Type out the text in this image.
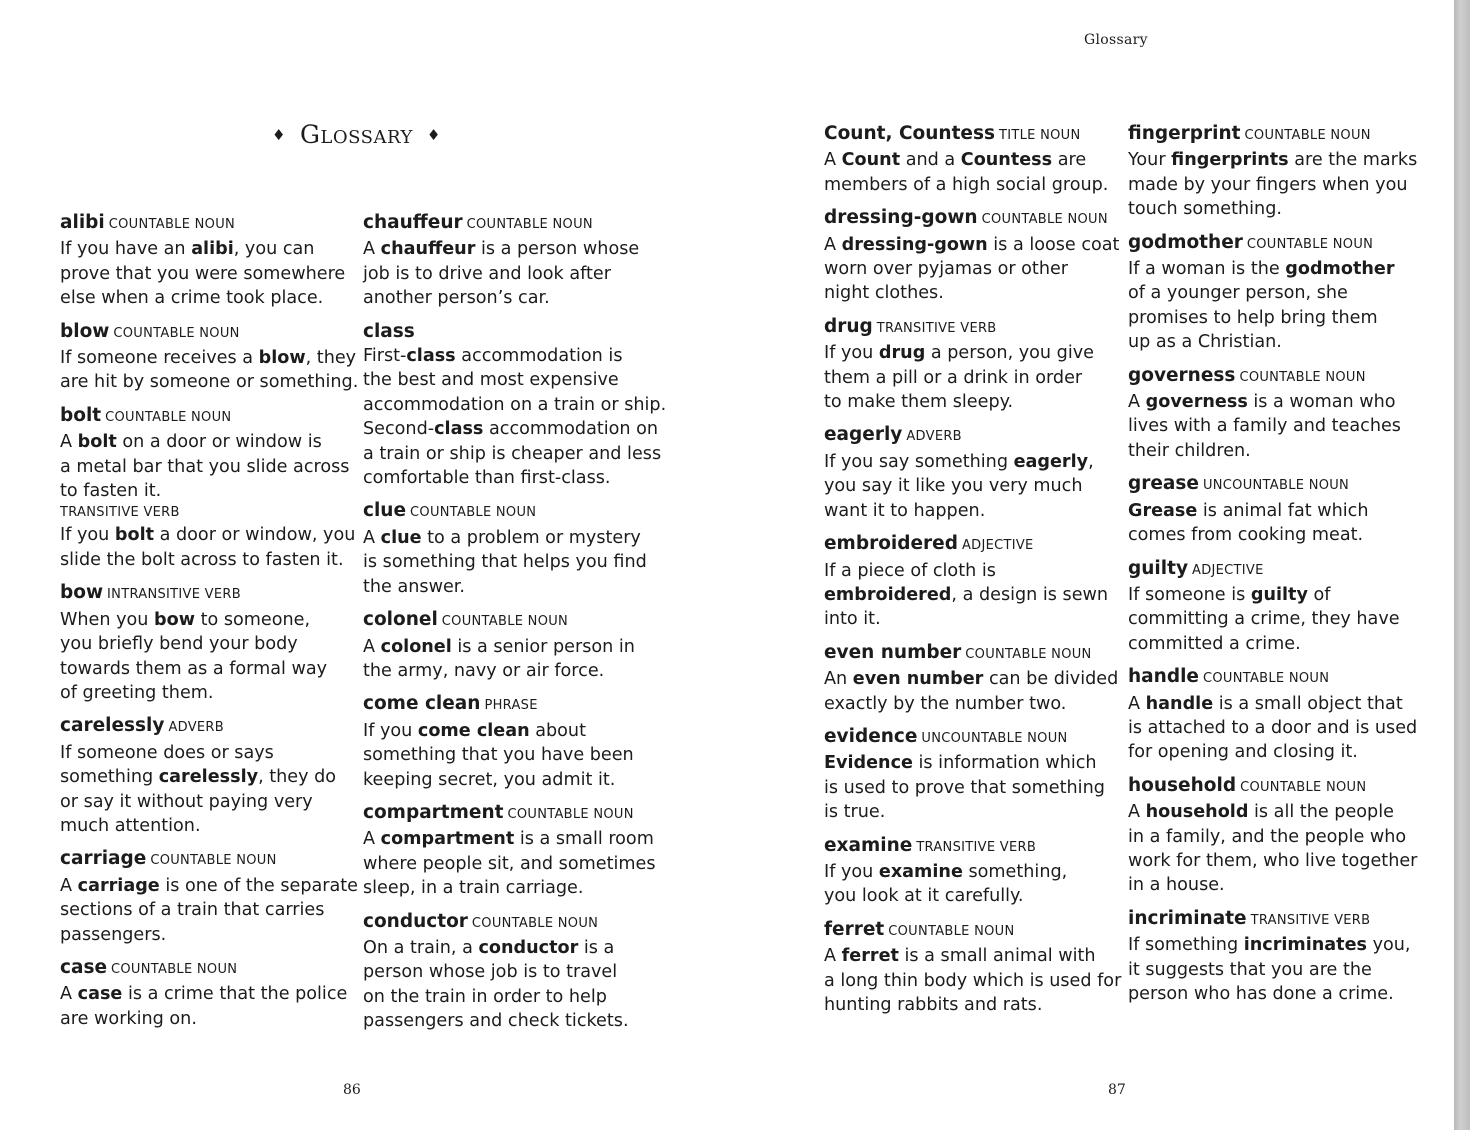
♦ Glossary ♦
alibi COUNTABLE NOUN
If you have an alibi, you can
prove that you were somewhere
else when a crime took place.
blow COUNTABLE NOUN
If someone receives a blow, they
are hit by someone or something.
bolt COUNTABLE NOUN
A bolt on a door or window is
a metal bar that you slide across
to fasten it.
TRANSITIVE VERB
If you bolt a door or window, you
slide the bolt across to fasten it.
bow INTRANSITIVE VERB
When you bow to someone,
you briefly bend your body
towards them as a formal way
of greeting them.
carelessly ADVERB
If someone does or says
something carelessly, they do
or say it without paying very
much attention.
carriage COUNTABLE NOUN
A carriage is one of the separate
sections of a train that carries
passengers.
case COUNTABLE NOUN
A case is a crime that the police
are working on.
chauffeur COUNTABLE NOUN
A chauffeur is a person whose
job is to drive and look after
another person’s car.
class
First-class accommodation is
the best and most expensive
accommodation on a train or ship.
Second-class accommodation on
a train or ship is cheaper and less
comfortable than first-class.
clue COUNTABLE NOUN
A clue to a problem or mystery
is something that helps you find
the answer.
colonel COUNTABLE NOUN
A colonel is a senior person in
the army, navy or air force.
come clean PHRASE
If you come clean about
something that you have been
keeping secret, you admit it.
compartment COUNTABLE NOUN
A compartment is a small room
where people sit, and sometimes
sleep, in a train carriage.
conductor COUNTABLE NOUN
On a train, a conductor is a
person whose job is to travel
on the train in order to help
passengers and check tickets.
86
Glossary
Count, Countess TITLE NOUN
A Count and a Countess are
members of a high social group.
dressing-gown COUNTABLE NOUN
A dressing-gown is a loose coat
worn over pyjamas or other
night clothes.
drug TRANSITIVE VERB
If you drug a person, you give
them a pill or a drink in order
to make them sleepy.
eagerly ADVERB
If you say something eagerly,
you say it like you very much
want it to happen.
embroidered ADJECTIVE
If a piece of cloth is
embroidered, a design is sewn
into it.
even number COUNTABLE NOUN
An even number can be divided
exactly by the number two.
evidence UNCOUNTABLE NOUN
Evidence is information which
is used to prove that something
is true.
examine TRANSITIVE VERB
If you examine something,
you look at it carefully.
ferret COUNTABLE NOUN
A ferret is a small animal with
a long thin body which is used for
hunting rabbits and rats.
fingerprint COUNTABLE NOUN
Your fingerprints are the marks
made by your fingers when you
touch something.
godmother COUNTABLE NOUN
If a woman is the godmother
of a younger person, she
promises to help bring them
up as a Christian.
governess COUNTABLE NOUN
A governess is a woman who
lives with a family and teaches
their children.
grease UNCOUNTABLE NOUN
Grease is animal fat which
comes from cooking meat.
guilty ADJECTIVE
If someone is guilty of
committing a crime, they have
committed a crime.
handle COUNTABLE NOUN
A handle is a small object that
is attached to a door and is used
for opening and closing it.
household COUNTABLE NOUN
A household is all the people
in a family, and the people who
work for them, who live together
in a house.
incriminate TRANSITIVE VERB
If something incriminates you,
it suggests that you are the
person who has done a crime.
87
